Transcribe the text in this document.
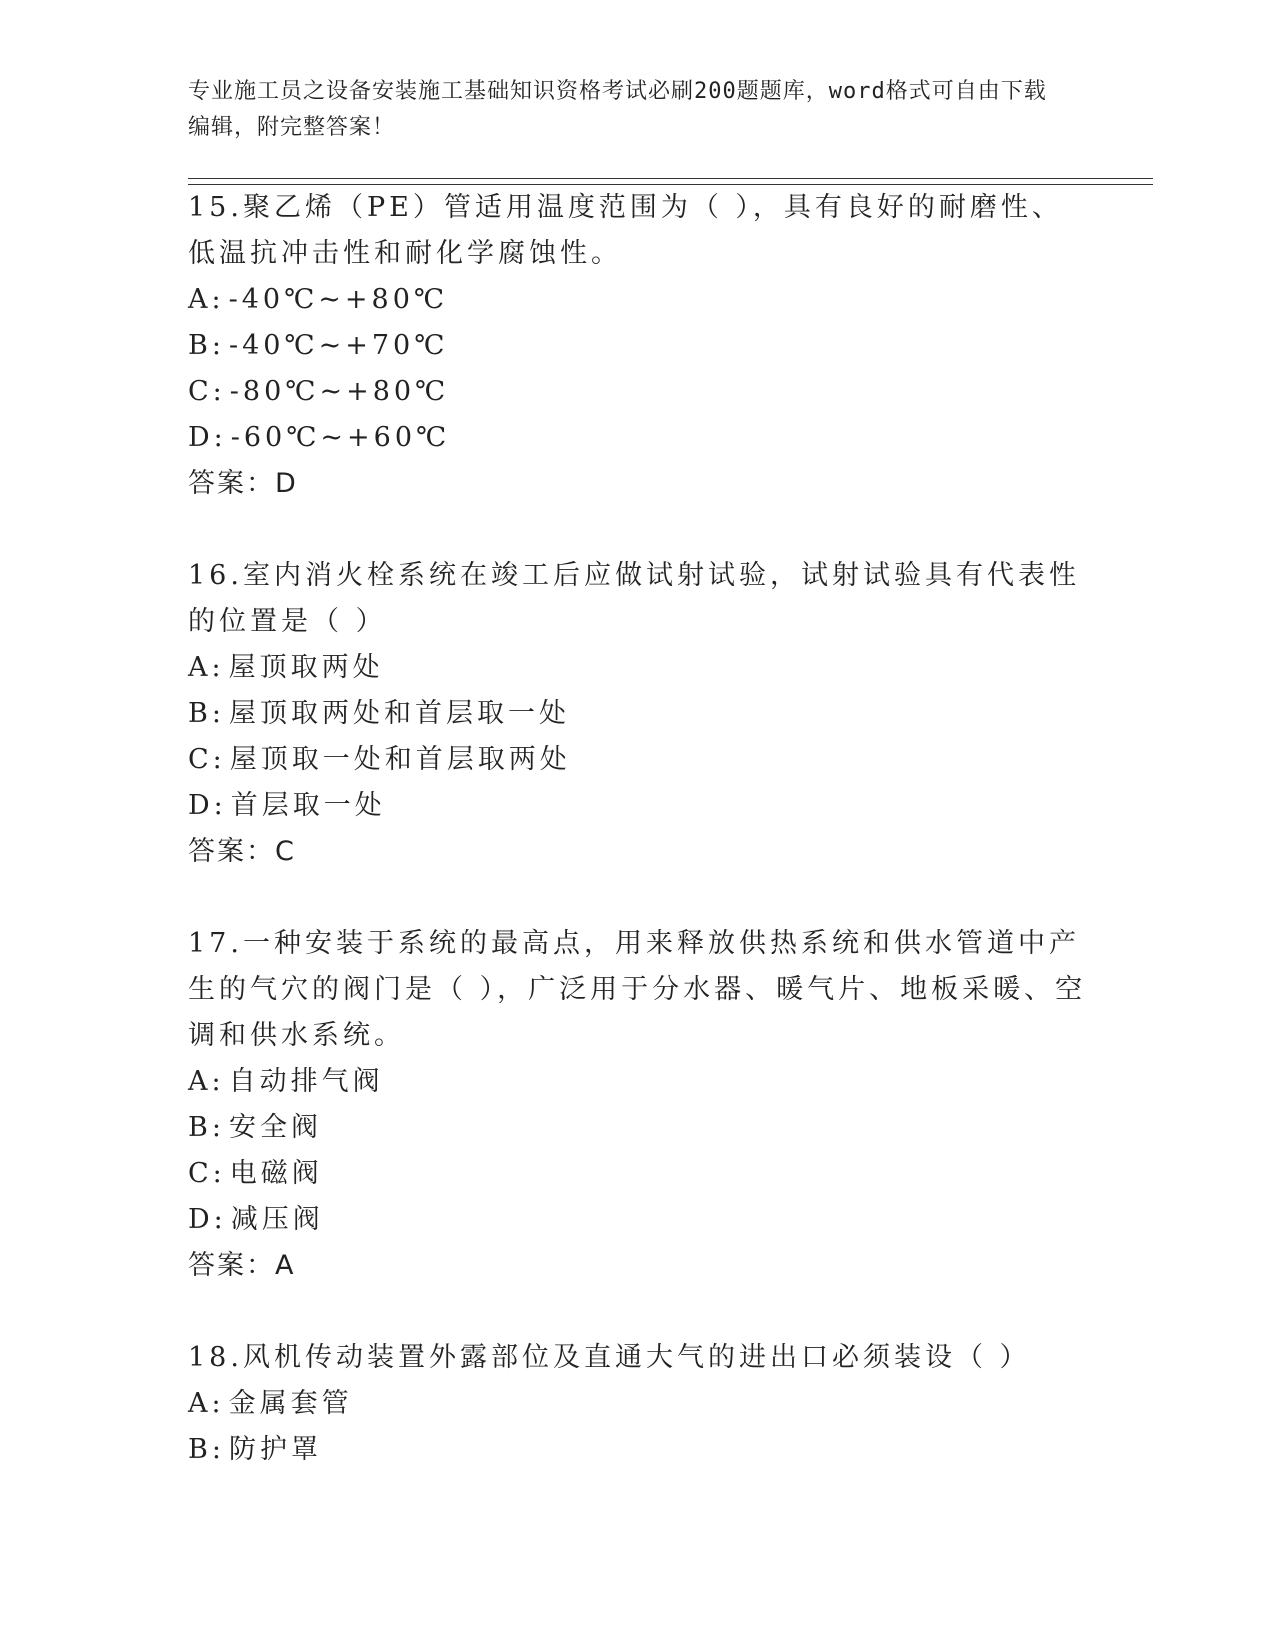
专业施工员之设备安装施工基础知识资格考试必刷200题题库，word格式可自由下载编辑，附完整答案！
15.聚乙烯（PE）管适用温度范围为（ ），具有良好的耐磨性、低温抗冲击性和耐化学腐蚀性。
A: -40℃~+80℃
B: -40℃~+70℃
C: -80℃~+80℃
D: -60℃~+60℃
答案：D
16.室内消火栓系统在竣工后应做试射试验，试射试验具有代表性的位置是（ ）
A: 屋顶取两处
B: 屋顶取两处和首层取一处
C: 屋顶取一处和首层取两处
D: 首层取一处
答案：C
17.一种安装于系统的最高点，用来释放供热系统和供水管道中产生的气穴的阀门是（ ），广泛用于分水器、暖气片、地板采暖、空调和供水系统。
A: 自动排气阀
B: 安全阀
C: 电磁阀
D: 减压阀
答案：A
18.风机传动装置外露部位及直通大气的进出口必须装设（ ）
A: 金属套管
B: 防护罩
